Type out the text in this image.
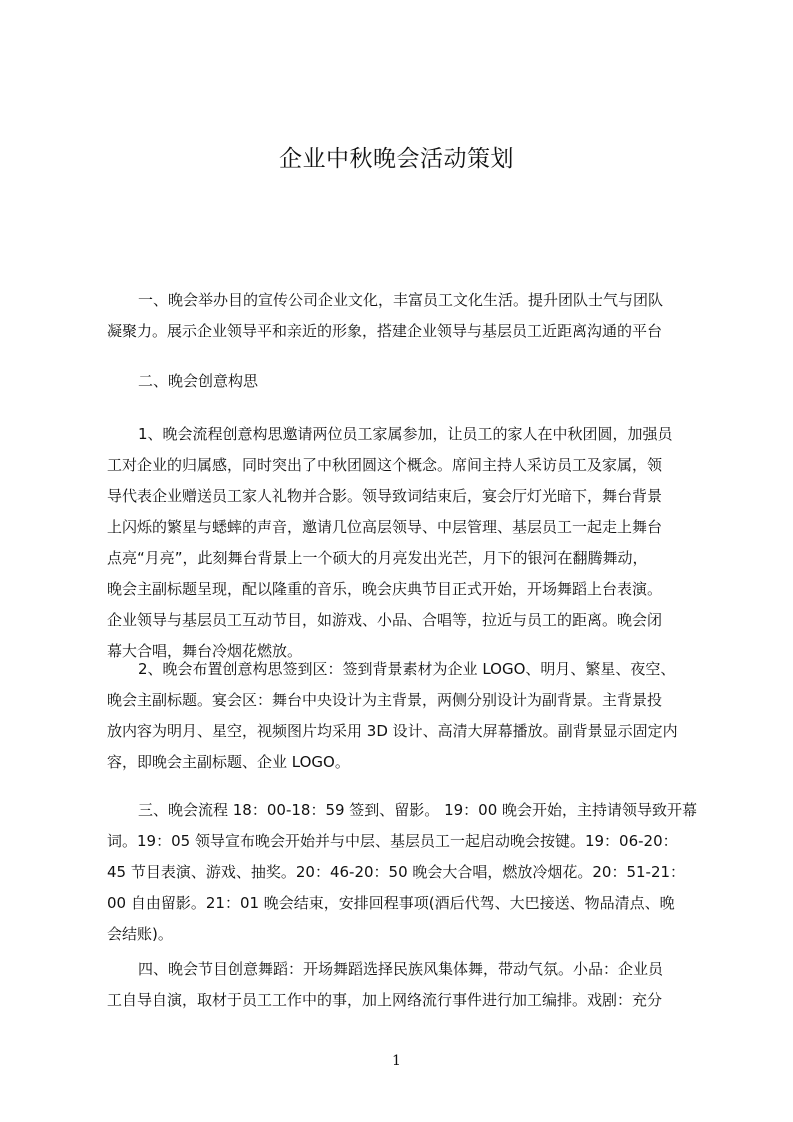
企业中秋晚会活动策划
一、晚会举办目的宣传公司企业文化，丰富员工文化生活。提升团队士气与团队
凝聚力。展示企业领导平和亲近的形象，搭建企业领导与基层员工近距离沟通的平台
二、晚会创意构思
1、晚会流程创意构思邀请两位员工家属参加，让员工的家人在中秋团圆，加强员
工对企业的归属感，同时突出了中秋团圆这个概念。席间主持人采访员工及家属，领
导代表企业赠送员工家人礼物并合影。领导致词结束后，宴会厅灯光暗下，舞台背景
上闪烁的繁星与蟋蟀的声音，邀请几位高层领导、中层管理、基层员工一起走上舞台
点亮“月亮”，此刻舞台背景上一个硕大的月亮发出光芒，月下的银河在翻腾舞动，
晚会主副标题呈现，配以隆重的音乐，晚会庆典节目正式开始，开场舞蹈上台表演。
企业领导与基层员工互动节目，如游戏、小品、合唱等，拉近与员工的距离。晚会闭
幕大合唱，舞台冷烟花燃放。
2、晚会布置创意构思签到区：签到背景素材为企业 LOGO、明月、繁星、夜空、
晚会主副标题。宴会区：舞台中央设计为主背景，两侧分别设计为副背景。主背景投
放内容为明月、星空，视频图片均采用 3D 设计、高清大屏幕播放。副背景显示固定内
容，即晚会主副标题、企业 LOGO。
三、晚会流程 18：00-18：59 签到、留影。 19：00 晚会开始，主持请领导致开幕
词。19：05 领导宣布晚会开始并与中层、基层员工一起启动晚会按键。19：06-20：
45 节目表演、游戏、抽奖。20：46-20：50 晚会大合唱，燃放冷烟花。20：51-21：
00 自由留影。21：01 晚会结束，安排回程事项(酒后代驾、大巴接送、物品清点、晚
会结账)。
四、晚会节目创意舞蹈：开场舞蹈选择民族风集体舞，带动气氛。小品：企业员
工自导自演，取材于员工工作中的事，加上网络流行事件进行加工编排。戏剧：充分
1
